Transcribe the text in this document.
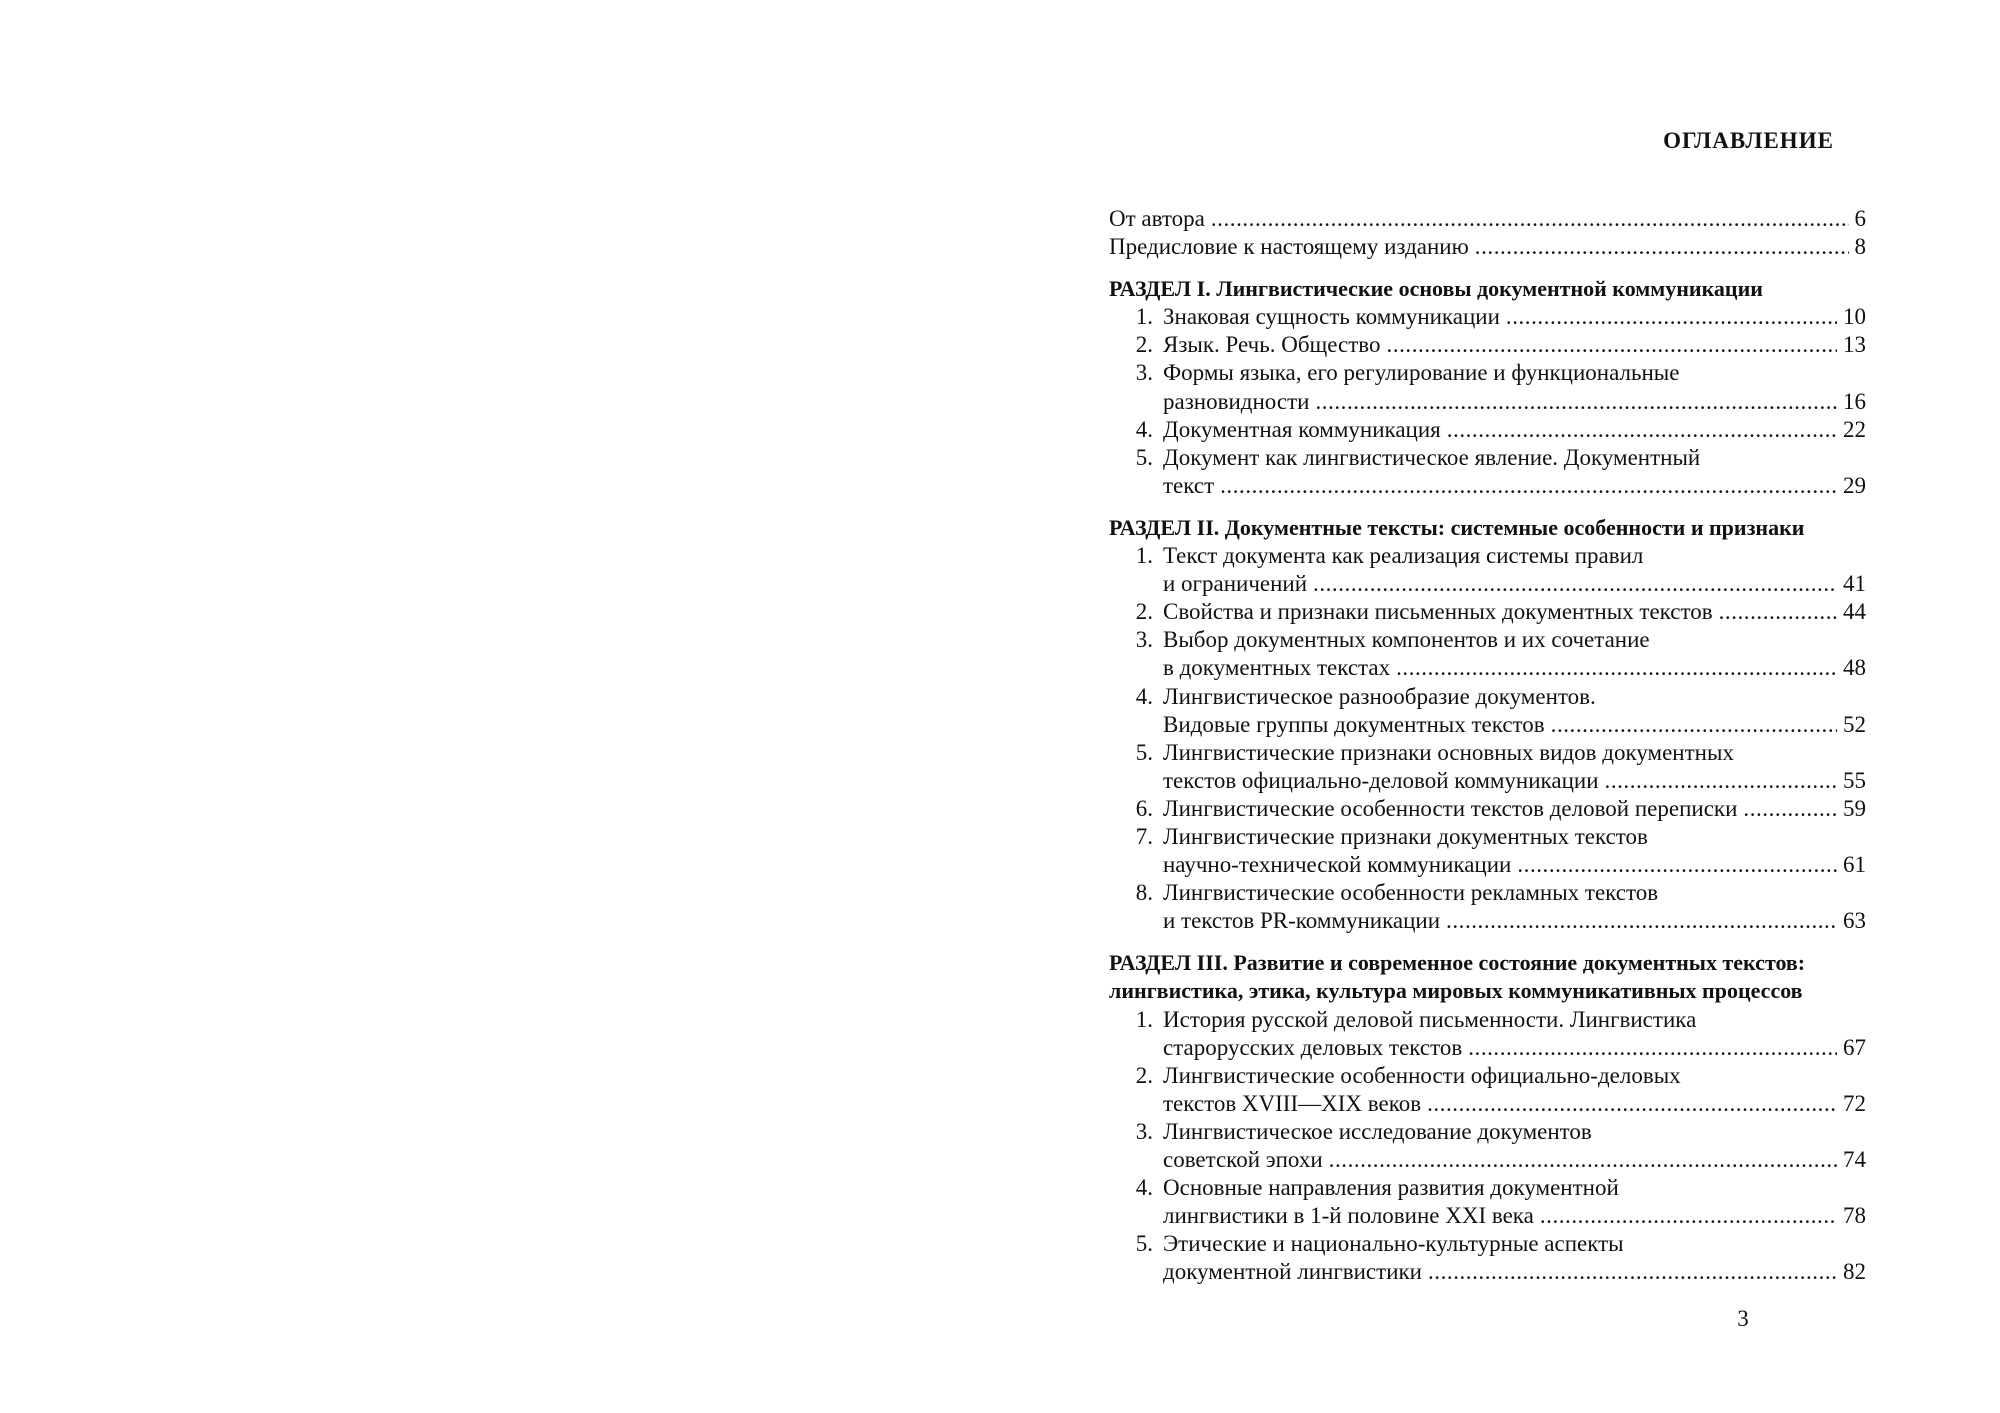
ОГЛАВЛЕНИЕ
От автора . . .	6
Предисловие к настоящему изданию . . .	8
РАЗДЕЛ I. Лингвистические основы документной коммуникации
1. Знаковая сущность коммуникации . . .	10
2. Язык. Речь. Общество . . .	13
3. Формы языка, его регулирование и функциональные
разновидности . . .	16
4. Документная коммуникация . . .	22
5. Документ как лингвистическое явление. Документный
текст . . .	29
РАЗДЕЛ II. Документные тексты: системные особенности и признаки
1. Текст документа как реализация системы правил
и ограничений . . .	41
2. Свойства и признаки письменных документных текстов . . .	44
3. Выбор документных компонентов и их сочетание
в документных текстах . . .	48
4. Лингвистическое разнообразие документов.
Видовые группы документных текстов . . .	52
5. Лингвистические признаки основных видов документных
текстов официально-деловой коммуникации . . .	55
6. Лингвистические особенности текстов деловой переписки . . .	59
7. Лингвистические признаки документных текстов
научно-технической коммуникации . . .	61
8. Лингвистические особенности рекламных текстов
и текстов PR-коммуникации . . .	63
РАЗДЕЛ III. Развитие и современное состояние документных текстов:
лингвистика, этика, культура мировых коммуникативных процессов
1. История русской деловой письменности. Лингвистика
старорусских деловых текстов . . .	67
2. Лингвистические особенности официально-деловых
текстов XVIII—XIX веков . . .	72
3. Лингвистическое исследование документов
советской эпохи . . .	74
4. Основные направления развития документной
лингвистики в 1-й половине XXI века . . .	78
5. Этические и национально-культурные аспекты
документной лингвистики . . .	82
3
